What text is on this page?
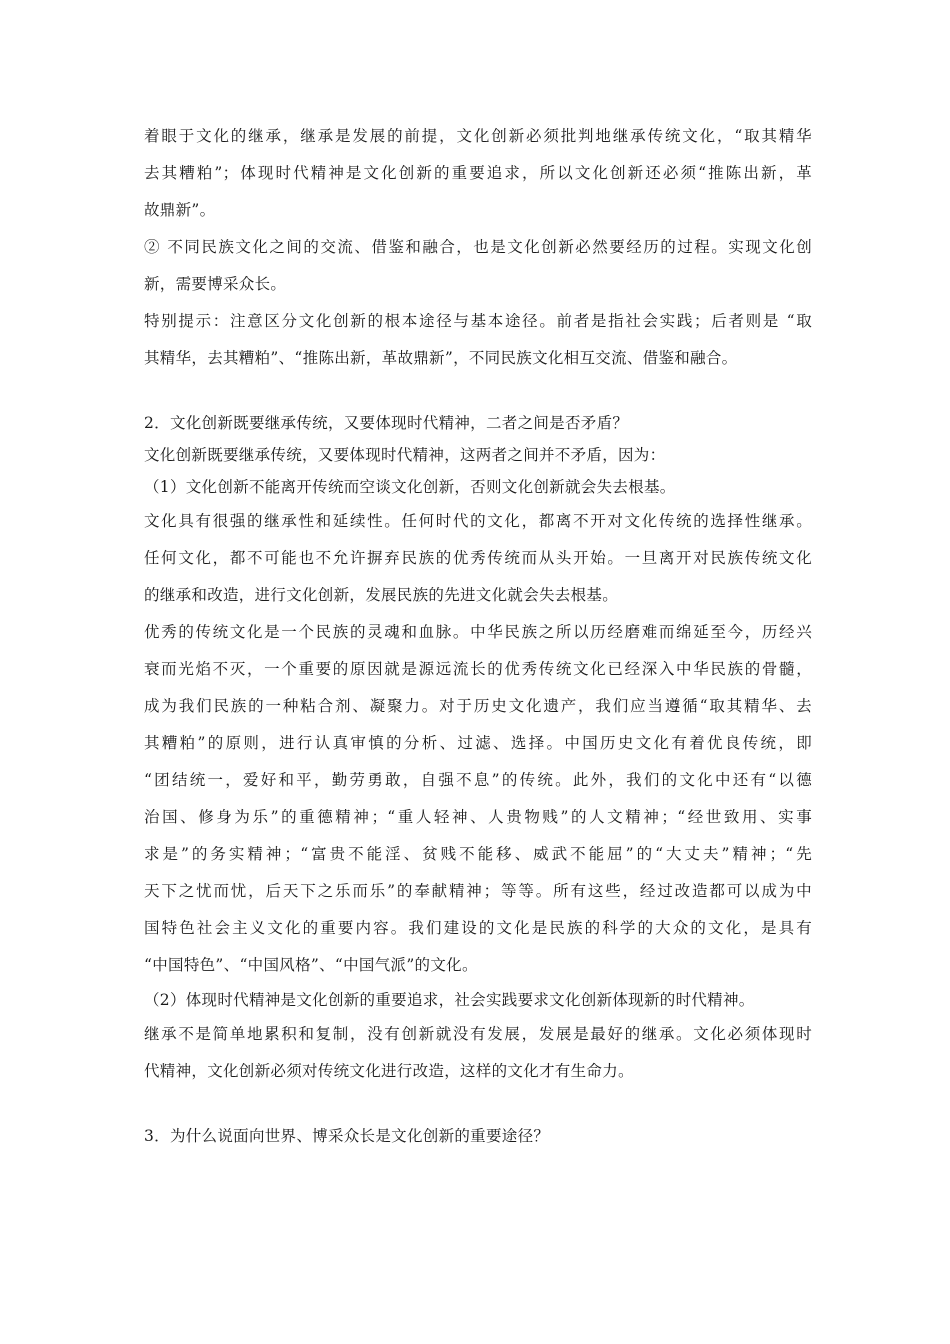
着眼于文化的继承，继承是发展的前提，文化创新必须批判地继承传统文化，“取其精华
去其糟粕”；体现时代精神是文化创新的重要追求，所以文化创新还必须“推陈出新，革
故鼎新”。
② 不同民族文化之间的交流、借鉴和融合，也是文化创新必然要经历的过程。实现文化创
新，需要博采众长。
特别提示：注意区分文化创新的根本途径与基本途径。前者是指社会实践；后者则是 “取
其精华，去其糟粕”、“推陈出新，革故鼎新”，不同民族文化相互交流、借鉴和融合。
2．文化创新既要继承传统，又要体现时代精神，二者之间是否矛盾？
文化创新既要继承传统，又要体现时代精神，这两者之间并不矛盾，因为：
（1）文化创新不能离开传统而空谈文化创新，否则文化创新就会失去根基。
文化具有很强的继承性和延续性。任何时代的文化，都离不开对文化传统的选择性继承。
任何文化，都不可能也不允许摒弃民族的优秀传统而从头开始。一旦离开对民族传统文化
的继承和改造，进行文化创新，发展民族的先进文化就会失去根基。
优秀的传统文化是一个民族的灵魂和血脉。中华民族之所以历经磨难而绵延至今，历经兴
衰而光焰不灭，一个重要的原因就是源远流长的优秀传统文化已经深入中华民族的骨髓，
成为我们民族的一种粘合剂、凝聚力。对于历史文化遗产，我们应当遵循“取其精华、去
其糟粕”的原则，进行认真审慎的分析、过滤、选择。中国历史文化有着优良传统，即
“团结统一，爱好和平，勤劳勇敢，自强不息”的传统。此外，我们的文化中还有“以德
治国、修身为乐”的重德精神；“重人轻神、人贵物贱”的人文精神；“经世致用、实事
求是”的务实精神；“富贵不能淫、贫贱不能移、威武不能屈”的“大丈夫”精神；“先
天下之忧而忧，后天下之乐而乐”的奉献精神；等等。所有这些，经过改造都可以成为中
国特色社会主义文化的重要内容。我们建设的文化是民族的科学的大众的文化，是具有
“中国特色”、“中国风格”、“中国气派”的文化。
（2）体现时代精神是文化创新的重要追求，社会实践要求文化创新体现新的时代精神。
继承不是简单地累积和复制，没有创新就没有发展，发展是最好的继承。文化必须体现时
代精神，文化创新必须对传统文化进行改造，这样的文化才有生命力。
3．为什么说面向世界、博采众长是文化创新的重要途径？
